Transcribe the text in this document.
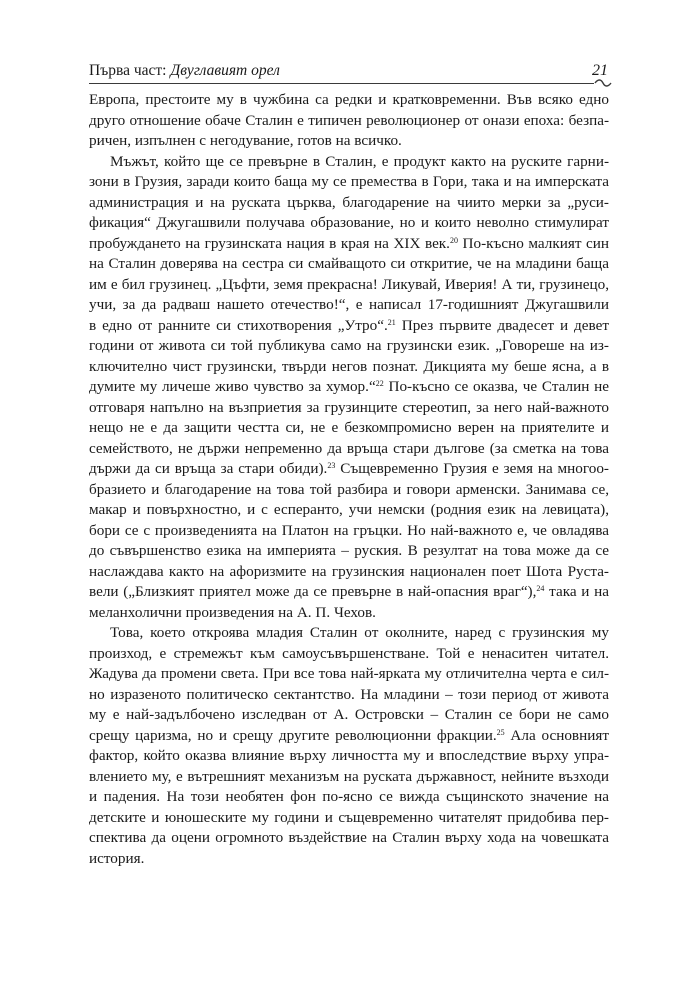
Първа част: Двуглавият орел	21
Европа, престоите му в чужбина са редки и кратковременни. Във всяко едно
друго отношение обаче Сталин е типичен революционер от онази епоха: безпа-
ричен, изпълнен с негодувание, готов на всичко.
Мъжът, който ще се превърне в Сталин, е продукт както на руските гарни-
зони в Грузия, заради които баща му се премества в Гори, така и на имперската
администрация и на руската църква, благодарение на чиито мерки за „руси-
фикация“ Джугашвили получава образование, но и които неволно стимулират
пробуждането на грузинската нация в края на XIX век.$^{20}$ По-късно малкият син
на Сталин доверява на сестра си смайващото си откритие, че на младини баща
им е бил грузинец. „Цъфти, земя прекрасна! Ликувай, Иверия! А ти, грузинецо,
учи, за да радваш нашето отечество!“, е написал 17-годишният Джугашвили
в едно от ранните си стихотворения „Утро“.$^{21}$ През първите двадесет и девет
години от живота си той публикува само на грузински език. „Говореше на из-
ключително чист грузински, твърди негов познат. Дикцията му беше ясна, а в
думите му личеше живо чувство за хумор.“$^{22}$ По-късно се оказва, че Сталин не
отговаря напълно на възприетия за грузинците стереотип, за него най-важното
нещо не е да защити честта си, не е безкомпромисно верен на приятелите и
семейството, не държи непременно да връща стари дългове (за сметка на това
държи да си връща за стари обиди).$^{23}$ Същевременно Грузия е земя на многоо-
бразието и благодарение на това той разбира и говори арменски. Занимава се,
макар и повърхностно, и с есперанто, учи немски (родния език на левицата),
бори се с произведенията на Платон на гръцки. Но най-важното е, че овладява
до съвършенство езика на империята – руския. В резултат на това може да се
наслаждава както на афоризмите на грузинския национален поет Шота Руста-
вели („Близкият приятел може да се превърне в най-опасния враг“),$^{24}$ така и на
меланхолични произведения на А. П. Чехов.
Това, което откроява младия Сталин от околните, наред с грузинския му
произход, е стремежът към самоусъвършенстване. Той е ненаситен читател.
Жадува да промени света. При все това най-ярката му отличителна черта е сил-
но изразеното политическо сектантство. На младини – този период от живота
му е най-задълбочено изследван от А. Островски – Сталин се бори не само
срещу царизма, но и срещу другите революционни фракции.$^{25}$ Ала основният
фактор, който оказва влияние върху личността му и впоследствие върху упра-
влението му, е вътрешният механизъм на руската държавност, нейните възходи
и падения. На този необятен фон по-ясно се вижда същинското значение на
детските и юношеските му години и същевременно читателят придобива пер-
спектива да оцени огромното въздействие на Сталин върху хода на човешката
история.
